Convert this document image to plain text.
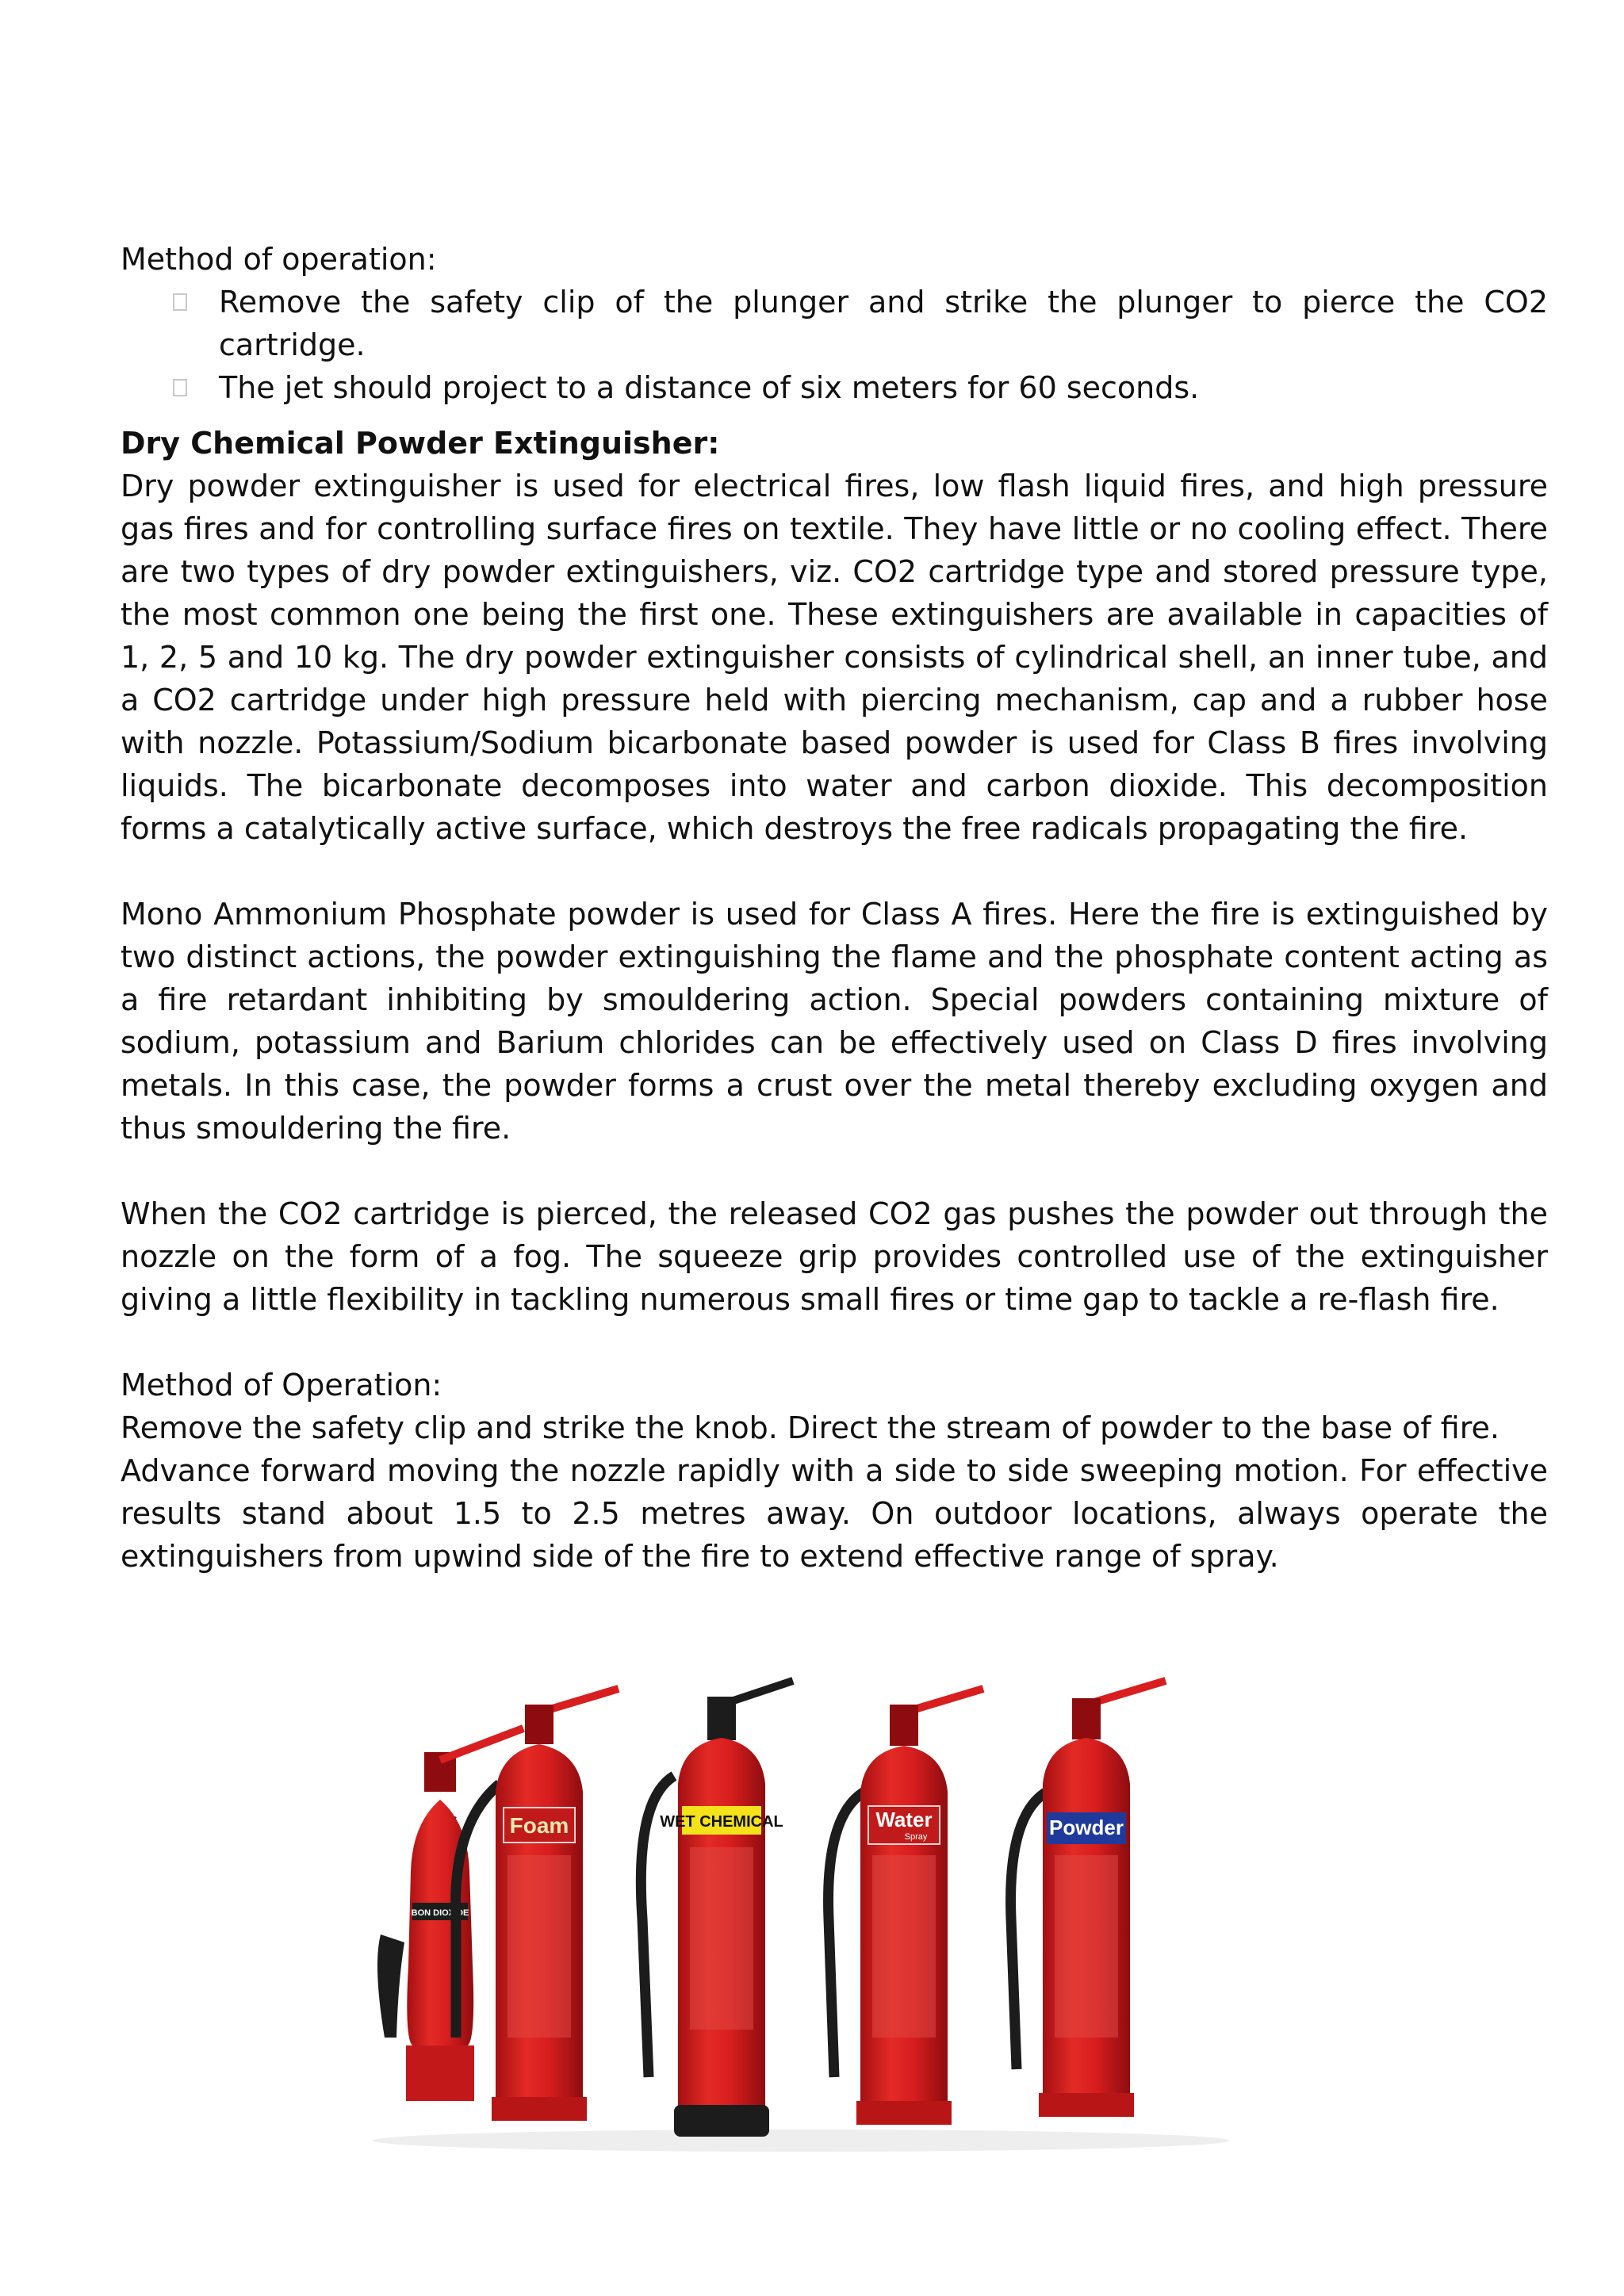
Method of operation:
Remove the safety clip of the plunger and strike the plunger to pierce the CO2 cartridge.
The jet should project to a distance of six meters for 60 seconds.
Dry Chemical Powder Extinguisher:
Dry powder extinguisher is used for electrical fires, low flash liquid fires, and high pressure gas fires and for controlling surface fires on textile. They have little or no cooling effect. There are two types of dry powder extinguishers, viz. CO2 cartridge type and stored pressure type, the most common one being the first one. These extinguishers are available in capacities of 1, 2, 5 and 10 kg. The dry powder extinguisher consists of cylindrical shell, an inner tube, and a CO2 cartridge under high pressure held with piercing mechanism, cap and a rubber hose with nozzle. Potassium/Sodium bicarbonate based powder is used for Class B fires involving liquids. The bicarbonate decomposes into water and carbon dioxide. This decomposition forms a catalytically active surface, which destroys the free radicals propagating the fire.
Mono Ammonium Phosphate powder is used for Class A fires. Here the fire is extinguished by two distinct actions, the powder extinguishing the flame and the phosphate content acting as a fire retardant inhibiting by smouldering action. Special powders containing mixture of sodium, potassium and Barium chlorides can be effectively used on Class D fires involving metals. In this case, the powder forms a crust over the metal thereby excluding oxygen and thus smouldering the fire.
When the CO2 cartridge is pierced, the released CO2 gas pushes the powder out through the nozzle on the form of a fog. The squeeze grip provides controlled use of the extinguisher giving a little flexibility in tackling numerous small fires or time gap to tackle a re-flash fire.
Method of Operation:
Remove the safety clip and strike the knob. Direct the stream of powder to the base of fire.
Advance forward moving the nozzle rapidly with a side to side sweeping motion. For effective results stand about 1.5 to 2.5 metres away. On outdoor locations, always operate the extinguishers from upwind side of the fire to extend effective range of spray.
BON DIOXIDE
Foam	WET CHEMICAL	Water
Spray	Powder
